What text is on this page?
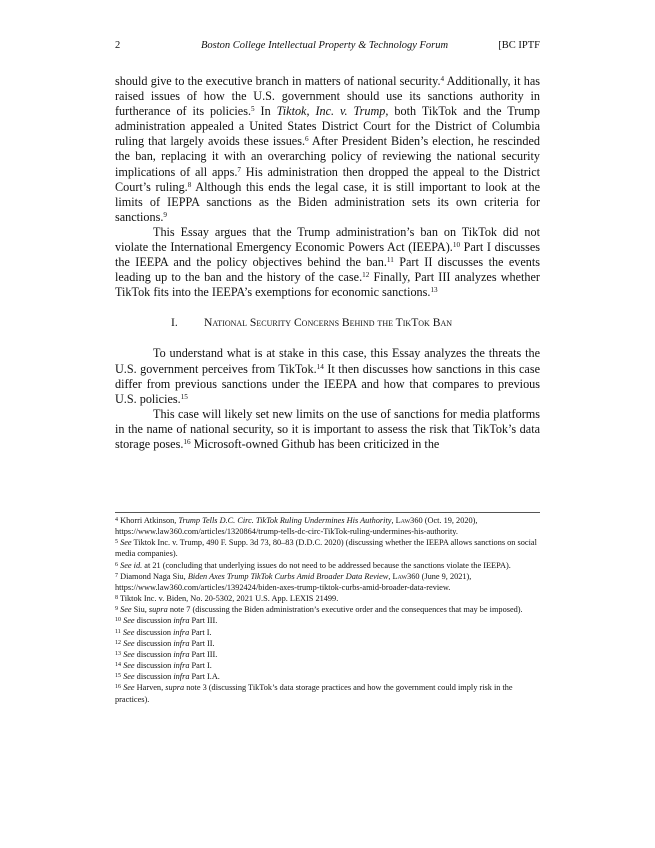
2	Boston College Intellectual Property & Technology Forum	[BC IPTF

should give to the executive branch in matters of national security.$^4$ Additionally, it has raised issues of how the U.S. government should use its sanctions authority in furtherance of its policies.$^5$ In Tiktok, Inc. v. Trump, both TikTok and the Trump administration appealed a United States District Court for the District of Columbia ruling that largely avoids these issues.$^6$ After President Biden’s election, he rescinded the ban, replacing it with an overarching policy of reviewing the national security implications of all apps.$^7$ His administration then dropped the appeal to the District Court’s ruling.$^8$ Although this ends the legal case, it is still important to look at the limits of IEPPA sanctions as the Biden administration sets its own criteria for sanctions.$^9$

This Essay argues that the Trump administration’s ban on TikTok did not violate the International Emergency Economic Powers Act (IEEPA).$^{10}$ Part I discusses the IEEPA and the policy objectives behind the ban.$^{11}$ Part II discusses the events leading up to the ban and the history of the case.$^{12}$ Finally, Part III analyzes whether TikTok fits into the IEEPA’s exemptions for economic sanctions.$^{13}$

I. National Security Concerns Behind the TikTok Ban

To understand what is at stake in this case, this Essay analyzes the threats the U.S. government perceives from TikTok.$^{14}$ It then discusses how sanctions in this case differ from previous sanctions under the IEEPA and how that compares to previous U.S. policies.$^{15}$

This case will likely set new limits on the use of sanctions for media platforms in the name of national security, so it is important to assess the risk that TikTok’s data storage poses.$^{16}$ Microsoft-owned Github has been criticized in the

$^4$ Khorri Atkinson, Trump Tells D.C. Circ. TikTok Ruling Undermines His Authority, Law360 (Oct. 19, 2020), https://www.law360.com/articles/1320864/trump-tells-dc-circ-TikTok-ruling-undermines-his-authority.

$^5$ See Tiktok Inc. v. Trump, 490 F. Supp. 3d 73, 80–83 (D.D.C. 2020) (discussing whether the IEEPA allows sanctions on social media companies).

$^6$ See id. at 21 (concluding that underlying issues do not need to be addressed because the sanctions violate the IEEPA).

$^7$ Diamond Naga Siu, Biden Axes Trump TikTok Curbs Amid Broader Data Review, Law360 (June 9, 2021), https://www.law360.com/articles/1392424/biden-axes-trump-tiktok-curbs-amid-broader-data-review.

$^8$ Tiktok Inc. v. Biden, No. 20-5302, 2021 U.S. App. LEXIS 21499.

$^9$ See Siu, supra note 7 (discussing the Biden administration’s executive order and the consequences that may be imposed).

$^{10}$ See discussion infra Part III.

$^{11}$ See discussion infra Part I.

$^{12}$ See discussion infra Part II.

$^{13}$ See discussion infra Part III.

$^{14}$ See discussion infra Part I.

$^{15}$ See discussion infra Part I.A.

$^{16}$ See Harven, supra note 3 (discussing TikTok’s data storage practices and how the government could imply risk in the practices).
